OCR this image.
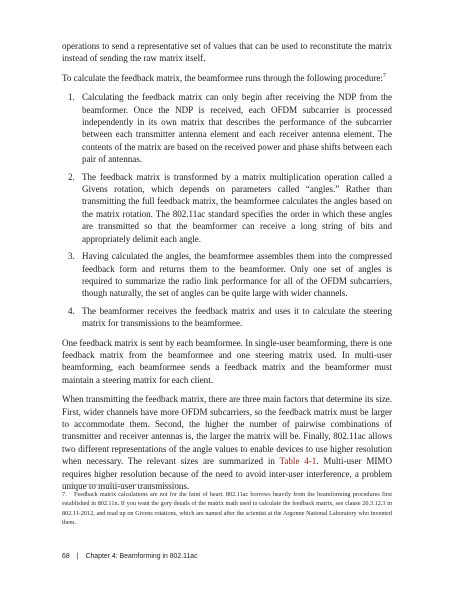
operations to send a representative set of values that can be used to reconstitute the matrix instead of sending the raw matrix itself.

To calculate the feedback matrix, the beamformee runs through the following procedure:$^7$

1. Calculating the feedback matrix can only begin after receiving the NDP from the beamformer. Once the NDP is received, each OFDM subcarrier is processed independently in its own matrix that describes the performance of the subcarrier between each transmitter antenna element and each receiver antenna element. The contents of the matrix are based on the received power and phase shifts between each pair of antennas.
2. The feedback matrix is transformed by a matrix multiplication operation called a Givens rotation, which depends on parameters called “angles.” Rather than transmitting the full feedback matrix, the beamformee calculates the angles based on the matrix rotation. The 802.11ac standard specifies the order in which these angles are transmitted so that the beamformer can receive a long string of bits and appropriately delimit each angle.
3. Having calculated the angles, the beamformee assembles them into the compressed feedback form and returns them to the beamformer. Only one set of angles is required to summarize the radio link performance for all of the OFDM subcarriers, though naturally, the set of angles can be quite large with wider channels.
4. The beamformer receives the feedback matrix and uses it to calculate the steering matrix for transmissions to the beamformee.

One feedback matrix is sent by each beamformee. In single-user beamforming, there is one feedback matrix from the beamformee and one steering matrix used. In multi-user beamforming, each beamformee sends a feedback matrix and the beamformer must maintain a steering matrix for each client.

When transmitting the feedback matrix, there are three main factors that determine its size. First, wider channels have more OFDM subcarriers, so the feedback matrix must be larger to accommodate them. Second, the higher the number of pairwise combinations of transmitter and receiver antennas is, the larger the matrix will be. Finally, 802.11ac allows two different representations of the angle values to enable devices to use higher resolution when necessary. The relevant sizes are summarized in Table 4-1. Multi-user MIMO requires higher resolution because of the need to avoid inter-user interference, a problem unique to multi-user transmissions.

7. Feedback matrix calculations are not for the faint of heart. 802.11ac borrows heavily from the beamforming procedures first established in 802.11n. If you want the gory details of the matrix math used to calculate the feedback matrix, see clause 20.3.12.3 in 802.11-2012, and read up on Givens rotations, which are named after the scientist at the Argonne National Laboratory who invented them.
68 | Chapter 4: Beamforming in 802.11ac
